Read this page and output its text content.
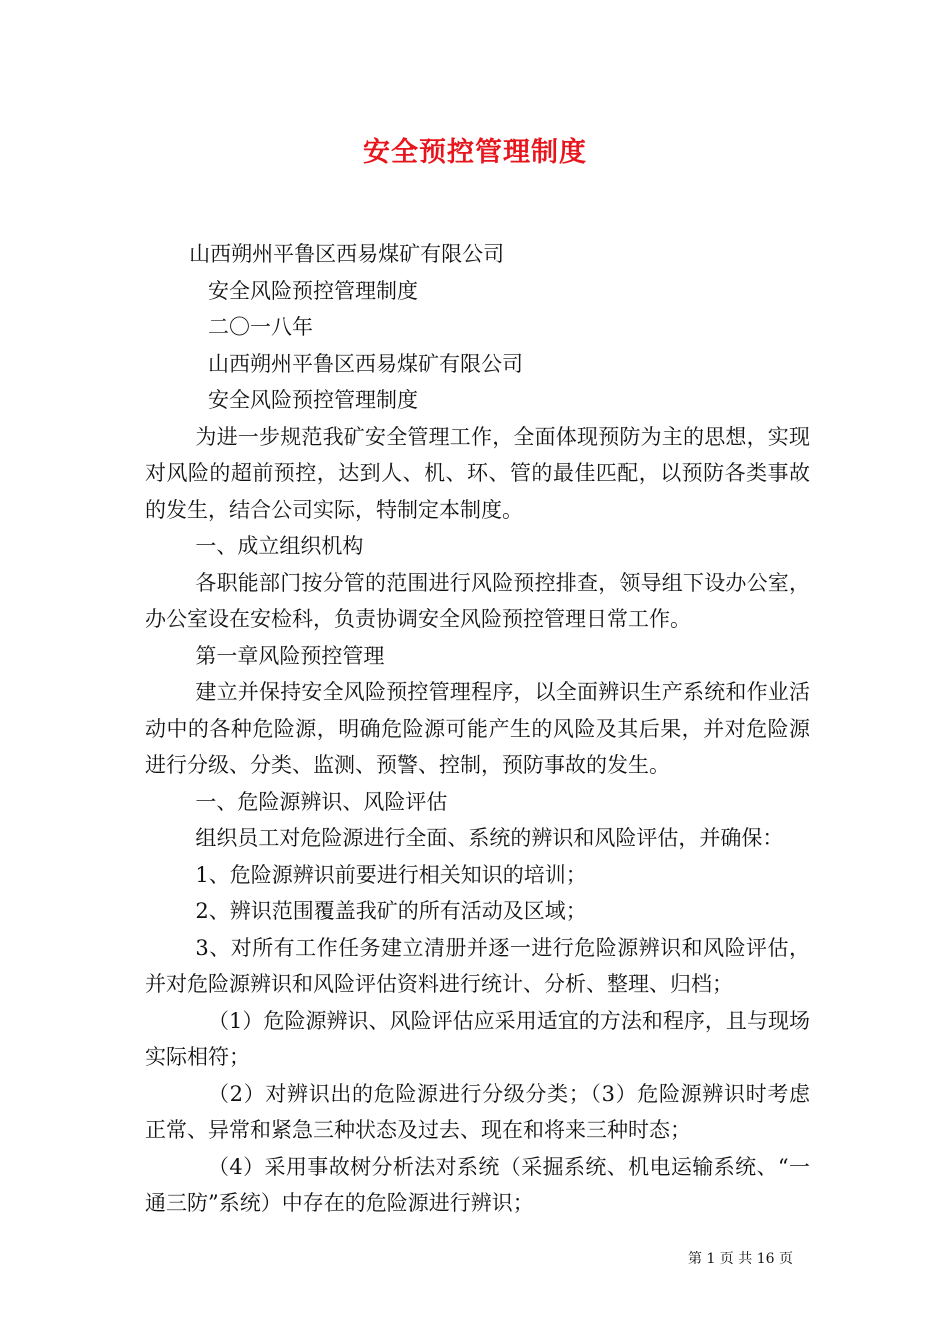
安全预控管理制度

山西朔州平鲁区西易煤矿有限公司

安全风险预控管理制度

二〇一八年

山西朔州平鲁区西易煤矿有限公司

安全风险预控管理制度

为进一步规范我矿安全管理工作，全面体现预防为主的思想，实现对风险的超前预控，达到人、机、环、管的最佳匹配，以预防各类事故的发生，结合公司实际，特制定本制度。

一、成立组织机构

各职能部门按分管的范围进行风险预控排查，领导组下设办公室，办公室设在安检科，负责协调安全风险预控管理日常工作。

第一章风险预控管理

建立并保持安全风险预控管理程序，以全面辨识生产系统和作业活动中的各种危险源，明确危险源可能产生的风险及其后果，并对危险源进行分级、分类、监测、预警、控制，预防事故的发生。

一、危险源辨识、风险评估

组织员工对危险源进行全面、系统的辨识和风险评估，并确保：

1、危险源辨识前要进行相关知识的培训；

2、辨识范围覆盖我矿的所有活动及区域；

3、对所有工作任务建立清册并逐一进行危险源辨识和风险评估，并对危险源辨识和风险评估资料进行统计、分析、整理、归档；

（1）危险源辨识、风险评估应采用适宜的方法和程序，且与现场实际相符；

（2）对辨识出的危险源进行分级分类；（3）危险源辨识时考虑正常、异常和紧急三种状态及过去、现在和将来三种时态；

（4）采用事故树分析法对系统（采掘系统、机电运输系统、“一通三防”系统）中存在的危险源进行辨识；

第 1 页 共 16 页
